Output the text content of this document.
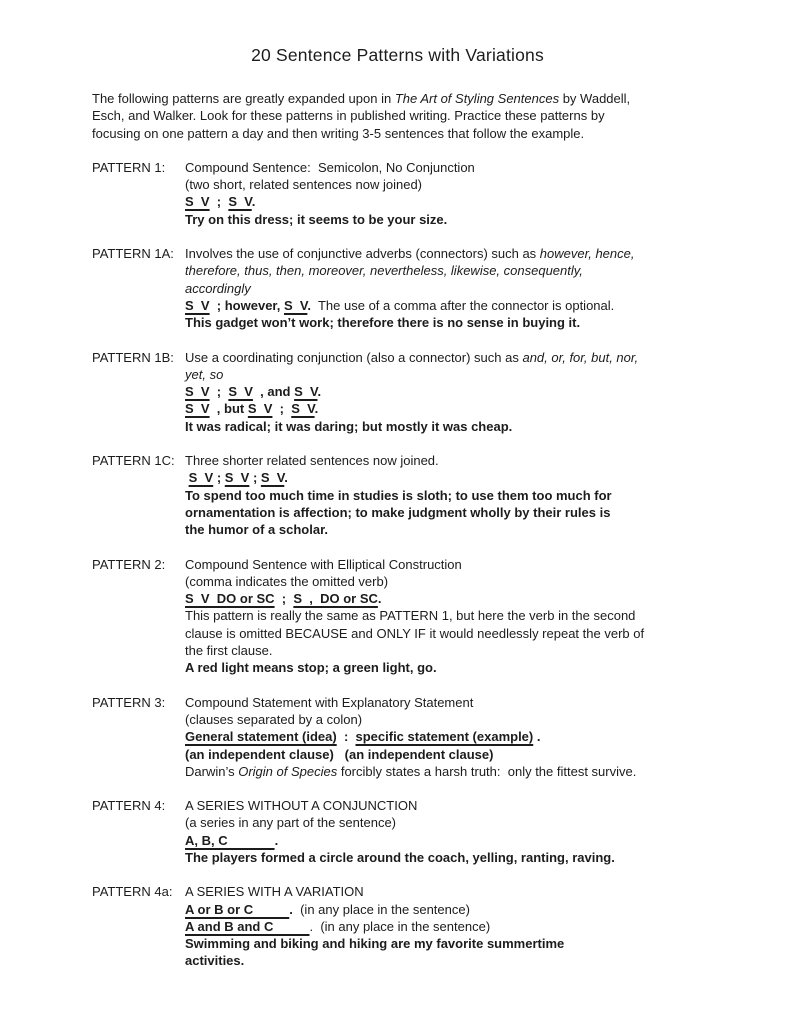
20 Sentence Patterns with Variations
The following patterns are greatly expanded upon in The Art of Styling Sentences by Waddell,
Esch, and Walker. Look for these patterns in published writing. Practice these patterns by
focusing on one pattern a day and then writing 3-5 sentences that follow the example.
PATTERN 1:	Compound Sentence:  Semicolon, No Conjunction
(two short, related sentences now joined)
S  V  ;  S  V.
Try on this dress; it seems to be your size.
PATTERN 1A: Involves the use of conjunctive adverbs (connectors) such as however, hence,
therefore, thus, then, moreover, nevertheless, likewise, consequently,
accordingly
S  V  ; however, S  V.  The use of a comma after the connector is optional.
This gadget won’t work; therefore there is no sense in buying it.
PATTERN 1B: Use a coordinating conjunction (also a connector) such as and, or, for, but, nor,
yet, so
S  V  ;  S  V  , and S  V.
S  V  , but S  V  ;  S  V.
It was radical; it was daring; but mostly it was cheap.
PATTERN 1C: Three shorter related sentences now joined.
S  V ; S  V ; S  V.
To spend too much time in studies is sloth; to use them too much for
ornamentation is affection; to make judgment wholly by their rules is
the humor of a scholar.
PATTERN 2:	Compound Sentence with Elliptical Construction
(comma indicates the omitted verb)
S  V  DO or SC  ;  S  ,  DO or SC.
This pattern is really the same as PATTERN 1, but here the verb in the second
clause is omitted BECAUSE and ONLY IF it would needlessly repeat the verb of
the first clause.
A red light means stop; a green light, go.
PATTERN 3:	Compound Statement with Explanatory Statement
(clauses separated by a colon)
General statement (idea)  :  specific statement (example) .
(an independent clause)   (an independent clause)
Darwin’s Origin of Species forcibly states a harsh truth:  only the fittest survive.
PATTERN 4:	A SERIES WITHOUT A CONJUNCTION
(a series in any part of the sentence)
A, B, C             .
The players formed a circle around the coach, yelling, ranting, raving.
PATTERN 4a: A SERIES WITH A VARIATION
A or B or C          .  (in any place in the sentence)
A and B and C          .  (in any place in the sentence)
Swimming and biking and hiking are my favorite summertime
activities.
